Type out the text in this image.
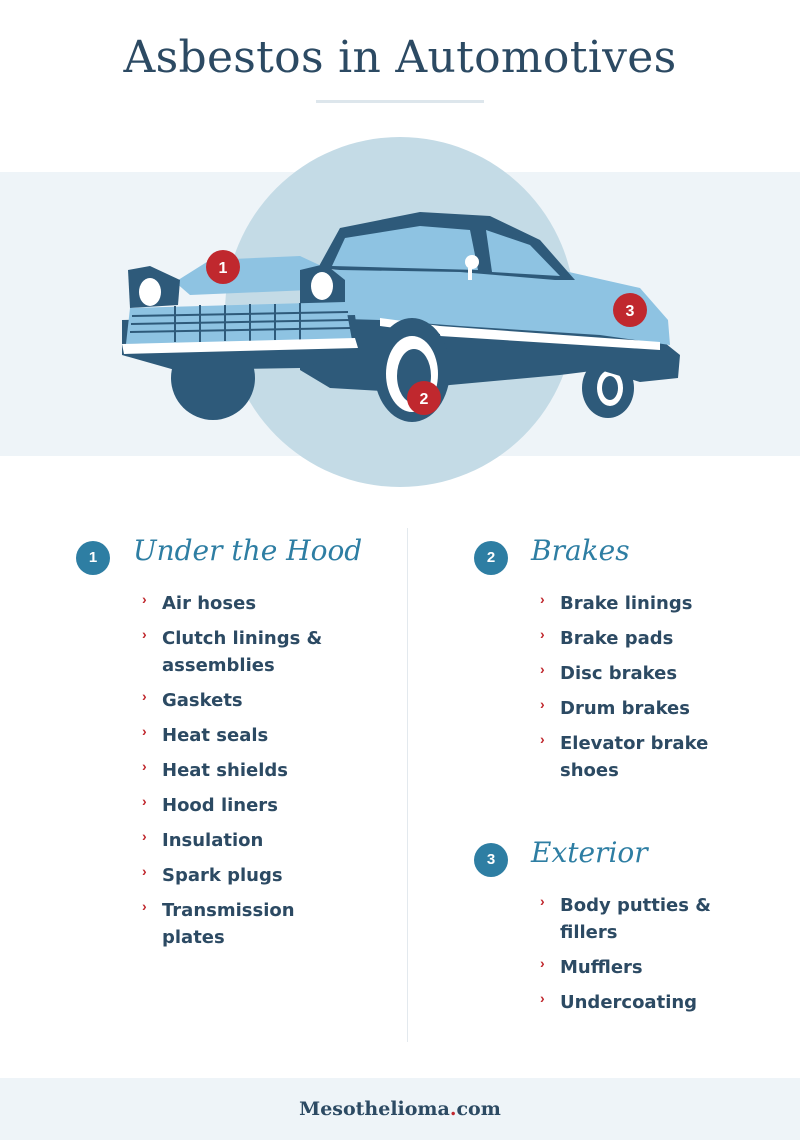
Asbestos in Automotives
1
2
3
1	Under the Hood
› Air hoses
› Clutch linings & assemblies
› Gaskets
› Heat seals
› Heat shields
› Hood liners
› Insulation
› Spark plugs
› Transmission plates
2	Brakes
› Brake linings
› Brake pads
› Disc brakes
› Drum brakes
› Elevator brake shoes
3	Exterior
› Body putties & fillers
› Mufflers
› Undercoating
Mesothelioma.com
